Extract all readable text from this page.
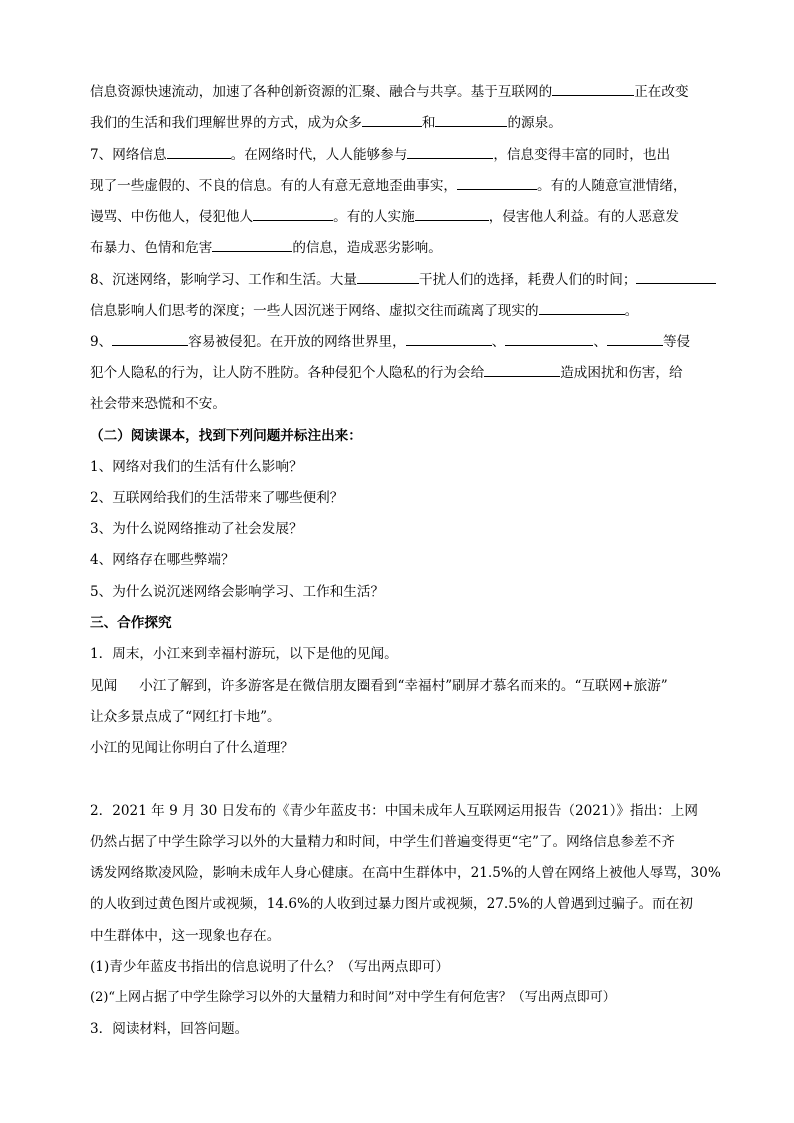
信息资源快速流动，加速了各种创新资源的汇聚、融合与共享。基于互联网的	正在改变
我们的生活和我们理解世界的方式，成为众多	和	的源泉。
7、网络信息	。在网络时代，人人能够参与	，信息变得丰富的同时，也出
现了一些虚假的、不良的信息。有的人有意无意地歪曲事实，	。有的人随意宣泄情绪，
谩骂、中伤他人，侵犯他人	。有的人实施	，侵害他人利益。有的人恶意发
布暴力、色情和危害	的信息，造成恶劣影响。
8、沉迷网络，影响学习、工作和生活。大量	干扰人们的选择，耗费人们的时间；
信息影响人们思考的深度；一些人因沉迷于网络、虚拟交往而疏离了现实的	。
9、	容易被侵犯。在开放的网络世界里，	、	、	等侵
犯个人隐私的行为，让人防不胜防。各种侵犯个人隐私的行为会给	造成困扰和伤害，给
社会带来恐慌和不安。
（二）阅读课本，找到下列问题并标注出来：
1、网络对我们的生活有什么影响？
2、互联网给我们的生活带来了哪些便利？
3、为什么说网络推动了社会发展？
4、网络存在哪些弊端？
5、为什么说沉迷网络会影响学习、工作和生活？
三、合作探究
1．周末，小江来到幸福村游玩，以下是他的见闻。
见闻 小江了解到，许多游客是在微信朋友圈看到“幸福村”刷屏才慕名而来的。“互联网+旅游”
让众多景点成了“网红打卡地”。
小江的见闻让你明白了什么道理？
2．2021 年 9 月 30 日发布的《青少年蓝皮书：中国未成年人互联网运用报告（2021）》指出：上网
仍然占据了中学生除学习以外的大量精力和时间，中学生们普遍变得更“宅”了。网络信息参差不齐
诱发网络欺凌风险，影响未成年人身心健康。在高中生群体中，21.5%的人曾在网络上被他人辱骂，30%
的人收到过黄色图片或视频，14.6%的人收到过暴力图片或视频，27.5%的人曾遇到过骗子。而在初
中生群体中，这一现象也存在。
(1)青少年蓝皮书指出的信息说明了什么？（写出两点即可）
(2)“上网占据了中学生除学习以外的大量精力和时间”对中学生有何危害？（写出两点即可）
3．阅读材料，回答问题。
